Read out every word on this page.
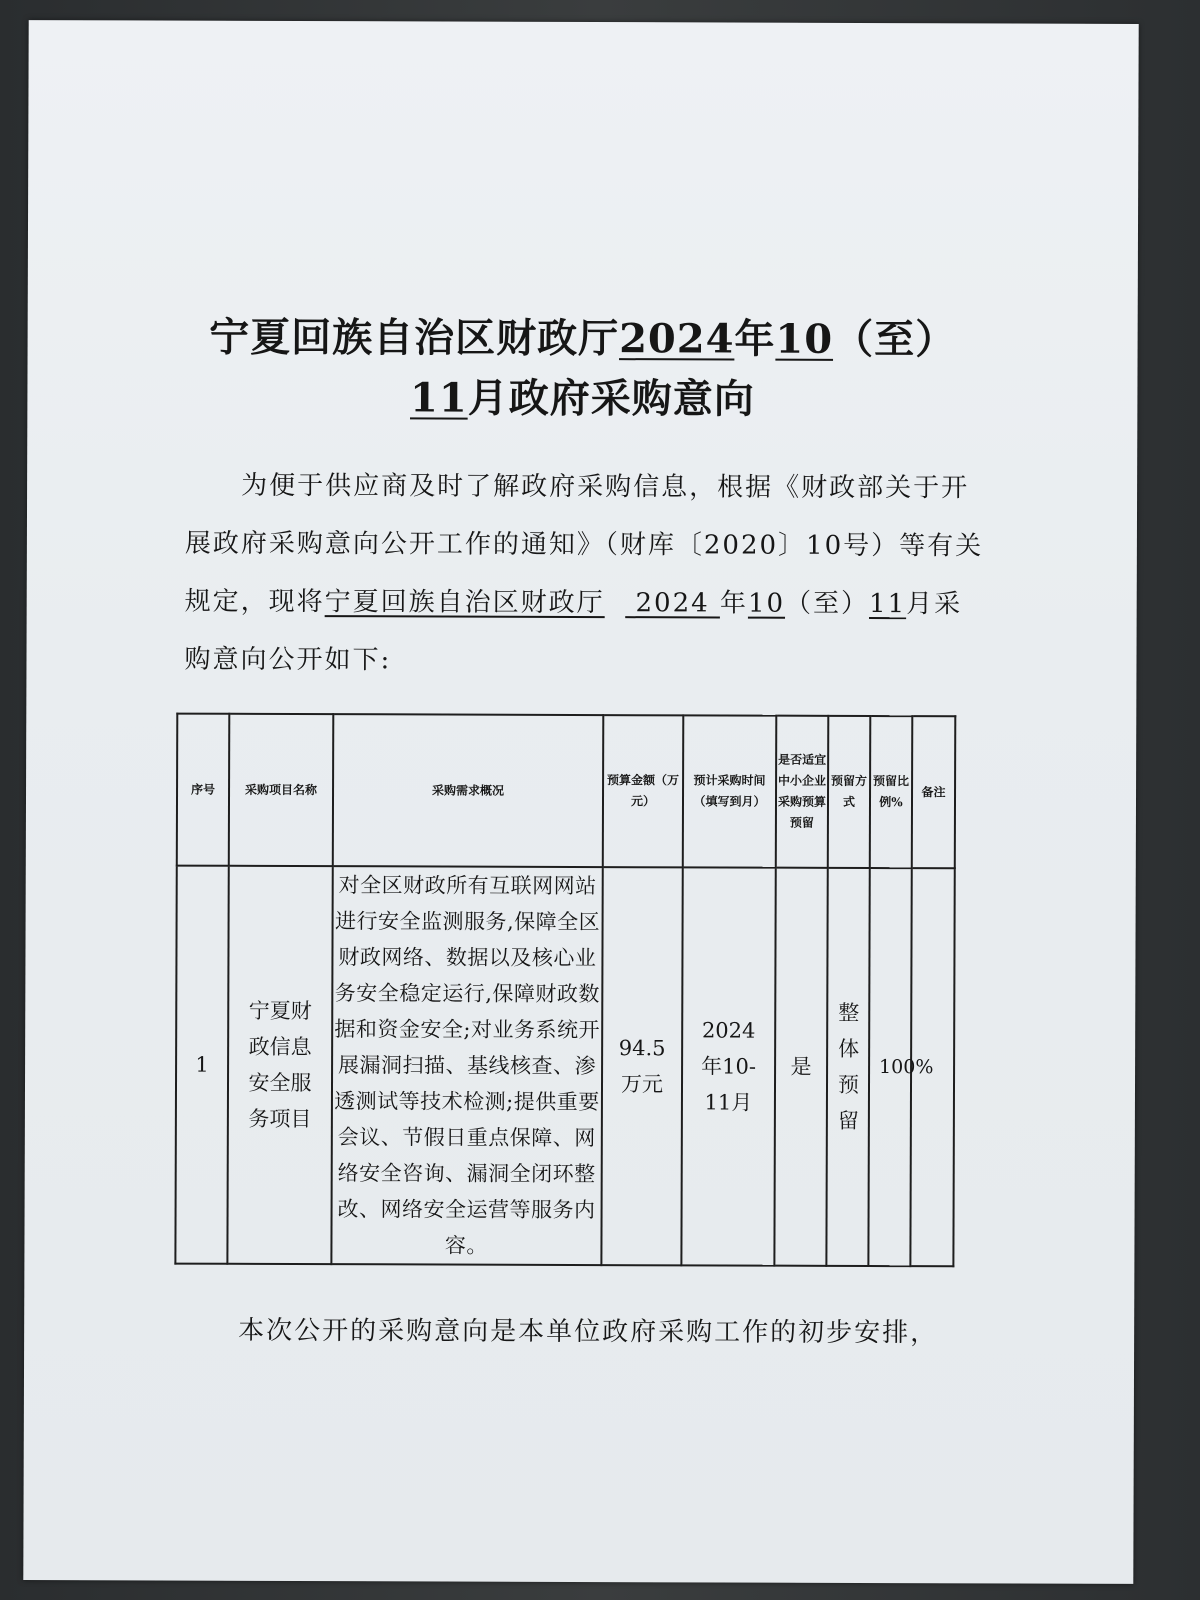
宁夏回族自治区财政厅2024年10（至）
11月政府采购意向
为便于供应商及时了解政府采购信息，根据《财政部关于开展政府采购意向公开工作的通知》（财库〔2020〕10号）等有关规定，现将宁夏回族自治区财政厅   2024 年10（至）11月采购意向公开如下:
序号	采购项目名称	采购需求概况	预算金额（万元）	预计采购时间（填写到月）	是否适宜中小企业采购预算预留	预留方式	预留比例%	备注
1	宁夏财政信息安全服务项目	对全区财政所有互联网网站进行安全监测服务,保障全区财政网络、数据以及核心业务安全稳定运行,保障财政数据和资金安全;对业务系统开展漏洞扫描、基线核查、渗透测试等技术检测;提供重要会议、节假日重点保障、网络安全咨询、漏洞全闭环整改、网络安全运营等服务内容。	94.5万元	2024年10-11月	是	整体预留	100%	
本次公开的采购意向是本单位政府采购工作的初步安排，
